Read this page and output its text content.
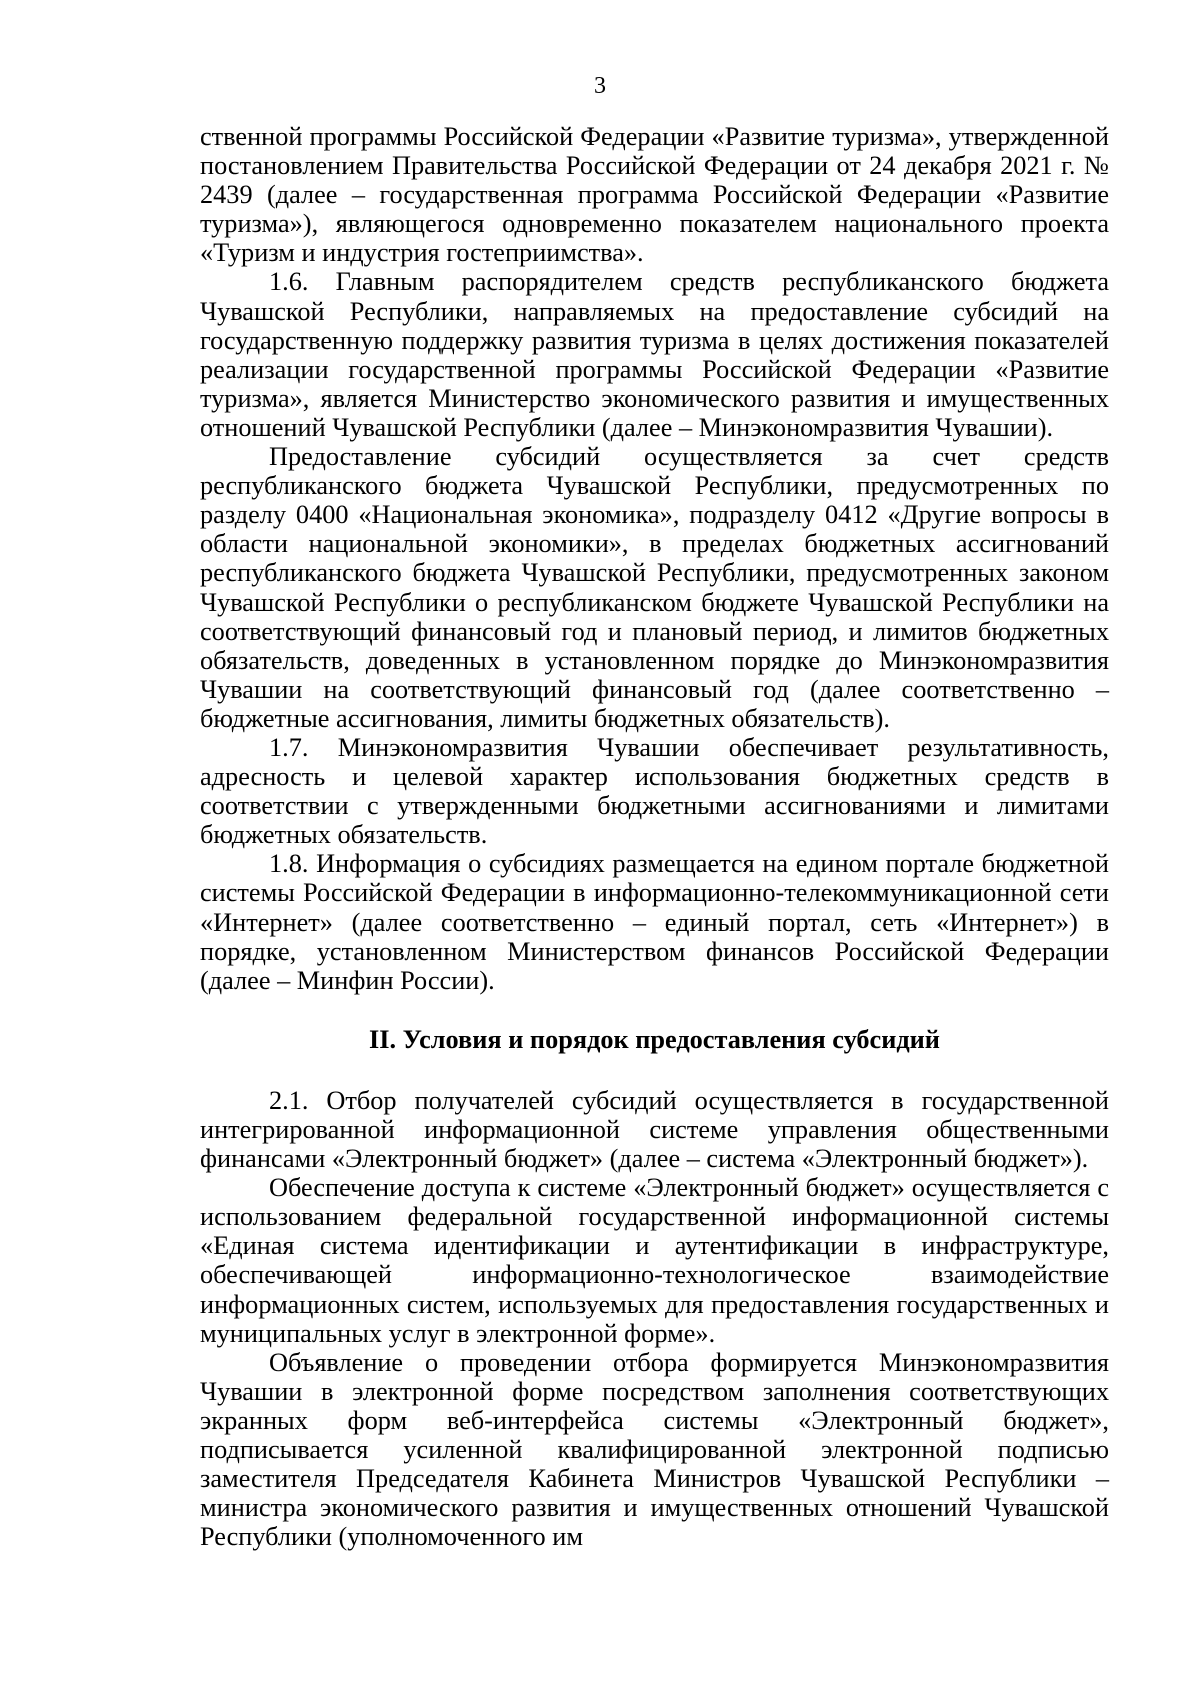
3

ственной программы Российской Федерации «Развитие туризма», утвержденной постановлением Правительства Российской Федерации от 24 декабря 2021 г. № 2439 (далее – государственная программа Российской Федерации «Развитие туризма»), являющегося одновременно показателем национального проекта «Туризм и индустрия гостеприимства».

1.6. Главным распорядителем средств республиканского бюджета Чувашской Республики, направляемых на предоставление субсидий на государственную поддержку развития туризма в целях достижения показателей реализации государственной программы Российской Федерации «Развитие туризма», является Министерство экономического развития и имущественных отношений Чувашской Республики (далее – Минэкономразвития Чувашии).

Предоставление субсидий осуществляется за счет средств республиканского бюджета Чувашской Республики, предусмотренных по разделу 0400 «Национальная экономика», подразделу 0412 «Другие вопросы в области национальной экономики», в пределах бюджетных ассигнований республиканского бюджета Чувашской Республики, предусмотренных законом Чувашской Республики о республиканском бюджете Чувашской Республики на соответствующий финансовый год и плановый период, и лимитов бюджетных обязательств, доведенных в установленном порядке до Минэкономразвития Чувашии на соответствующий финансовый год (далее соответственно – бюджетные ассигнования, лимиты бюджетных обязательств).

1.7. Минэкономразвития Чувашии обеспечивает результативность, адресность и целевой характер использования бюджетных средств в соответствии с утвержденными бюджетными ассигнованиями и лимитами бюджетных обязательств.

1.8. Информация о субсидиях размещается на едином портале бюджетной системы Российской Федерации в информационно-телекоммуникационной сети «Интернет» (далее соответственно – единый портал, сеть «Интернет») в порядке, установленном Министерством финансов Российской Федерации (далее – Минфин России).

II. Условия и порядок предоставления субсидий

2.1. Отбор получателей субсидий осуществляется в государственной интегрированной информационной системе управления общественными финансами «Электронный бюджет» (далее – система «Электронный бюджет»).

Обеспечение доступа к системе «Электронный бюджет» осуществляется с использованием федеральной государственной информационной системы «Единая система идентификации и аутентификации в инфраструктуре, обеспечивающей информационно-технологическое взаимодействие информационных систем, используемых для предоставления государственных и муниципальных услуг в электронной форме».

Объявление о проведении отбора формируется Минэкономразвития Чувашии в электронной форме посредством заполнения соответствующих экранных форм веб-интерфейса системы «Электронный бюджет», подписывается усиленной квалифицированной электронной подписью заместителя Председателя Кабинета Министров Чувашской Республики – министра экономического развития и имущественных отношений Чувашской Республики (уполномоченного им
